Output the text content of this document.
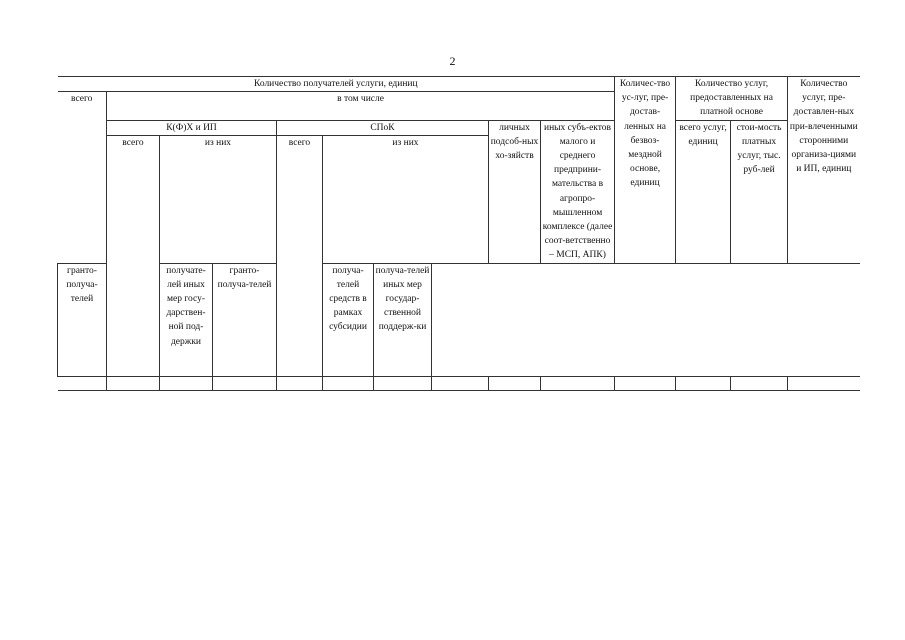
2
Количество получателей услуги, единиц										Количес-тво ус-луг, пре-достав-ленных на безвоз-мездной основе, единиц	Количество услуг, предоставленных на платной основе		Количество услуг, пре-доставлен-ных при-влеченными сторонними организа-циями и ИП, единиц
всего	в том числе												
	К(Ф)Х и ИП			СПоК				личных подсоб-ных хо-зяйств	иных субъ-ектов малого и среднего предприни-мательства в агропро-мышленном комплексе (далее соот-ветственно – МСП, АПК)		всего услуг, единиц	стои-мость платных услуг, тыс. руб-лей	
	всего	из них		всего	из них								
гранто-получа-телей		получате-лей иных мер госу-дарствен-ной под-держки	гранто-получа-телей		получа-телей средств в рамках субсидии	получа-телей иных мер государ-ственной поддерж-ки							
